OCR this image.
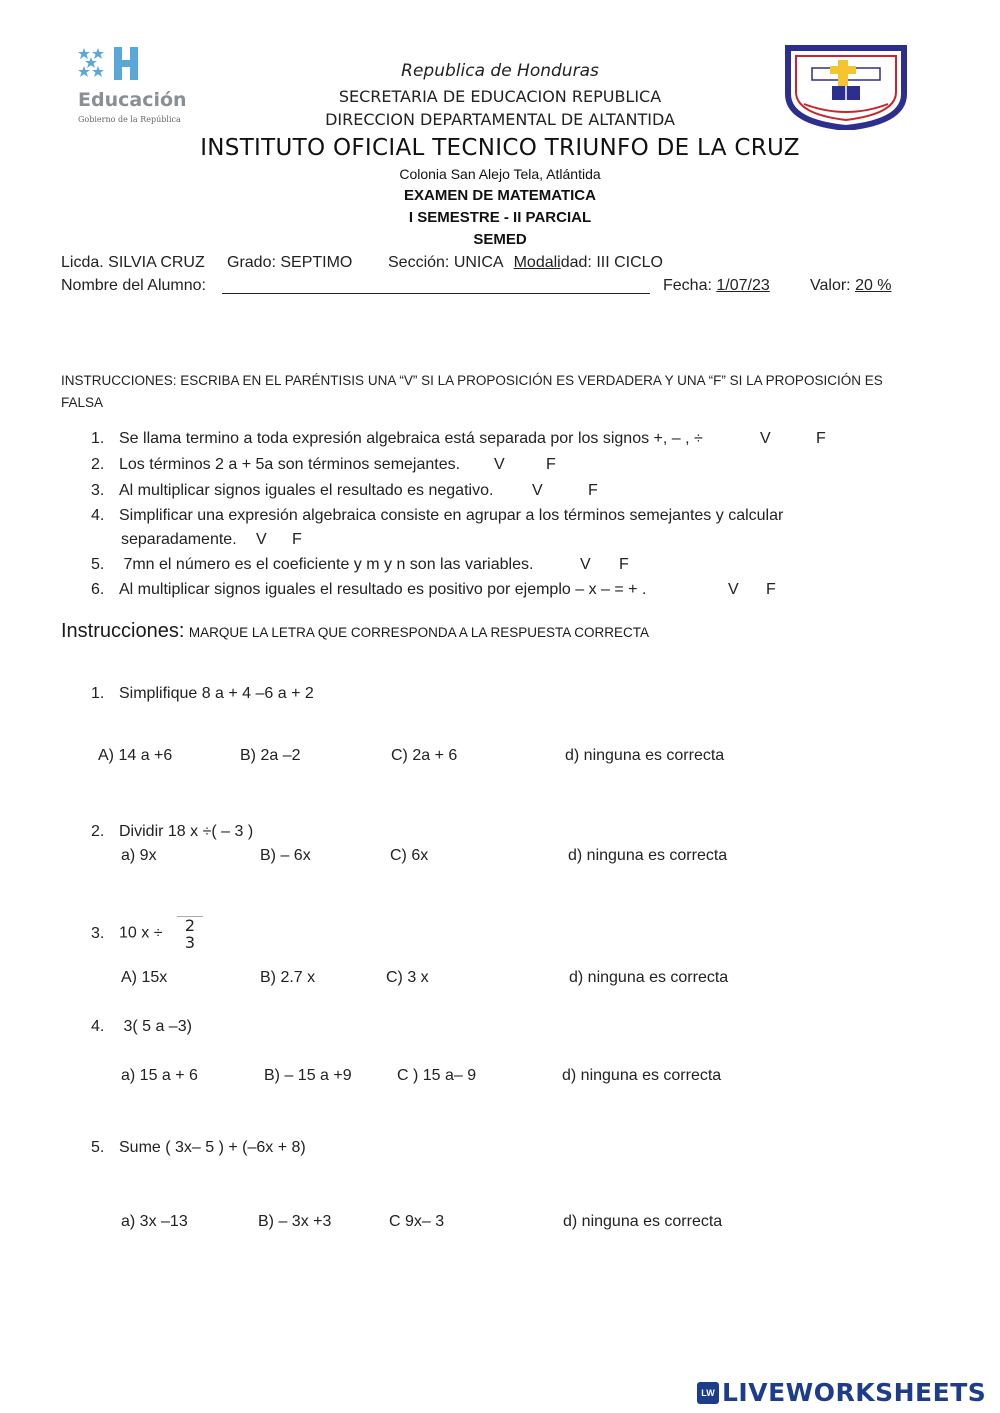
Educación
Gobierno de la República
Republica de Honduras
SECRETARIA DE EDUCACION REPUBLICA
DIRECCION DEPARTAMENTAL DE ALTANTIDA
INSTITUTO OFICIAL TECNICO TRIUNFO DE LA CRUZ
Colonia San Alejo Tela, Atlántida
EXAMEN DE MATEMATICA
I SEMESTRE - II PARCIAL
SEMED
Licda. SILVIA CRUZ Grado: SEPTIMO Sección: UNICA Modalidad: III CICLO
Nombre del Alumno:	Fecha: 1/07/23	Valor: 20 %
INSTRUCCIONES: ESCRIBA EN EL PARÉNTISIS UNA “V” SI LA PROPOSICIÓN ES VERDADERA Y UNA “F” SI LA PROPOSICIÓN ES
FALSA
1. Se llama termino a toda expresión algebraica está separada por los signos +, – , ÷	V	F
2. Los términos 2 a + 5a son términos semejantes. V	F
3. Al multiplicar signos iguales el resultado es negativo. V	F
4. Simplificar una expresión algebraica consiste en agrupar a los términos semejantes y calcular
separadamente. V F
5. 7mn el número es el coeficiente y m y n son las variables.	V F
6. Al multiplicar signos iguales el resultado es positivo por ejemplo – x – = + .	V F
Instrucciones: MARQUE LA LETRA QUE CORRESPONDA A LA RESPUESTA CORRECTA
1. Simplifique 8 a + 4 –6 a + 2
A) 14 a +6	B) 2a –2	C) 2a + 6	d) ninguna es correcta
2. Dividir 18 x ÷( – 3 )
a) 9x	B) – 6x	C) 6x	d) ninguna es correcta
3. 10 x ÷	2
3
A) 15x	B) 2.7 x	C) 3 x	d) ninguna es correcta
4. 3( 5 a –3)
a) 15 a + 6	B) – 15 a +9	C ) 15 a– 9	d) ninguna es correcta
5. Sume ( 3x– 5 ) + (–6x + 8)
a) 3x –13	B) – 3x +3	C 9x– 3	d) ninguna es correcta
LW LIVEWORKSHEETS
